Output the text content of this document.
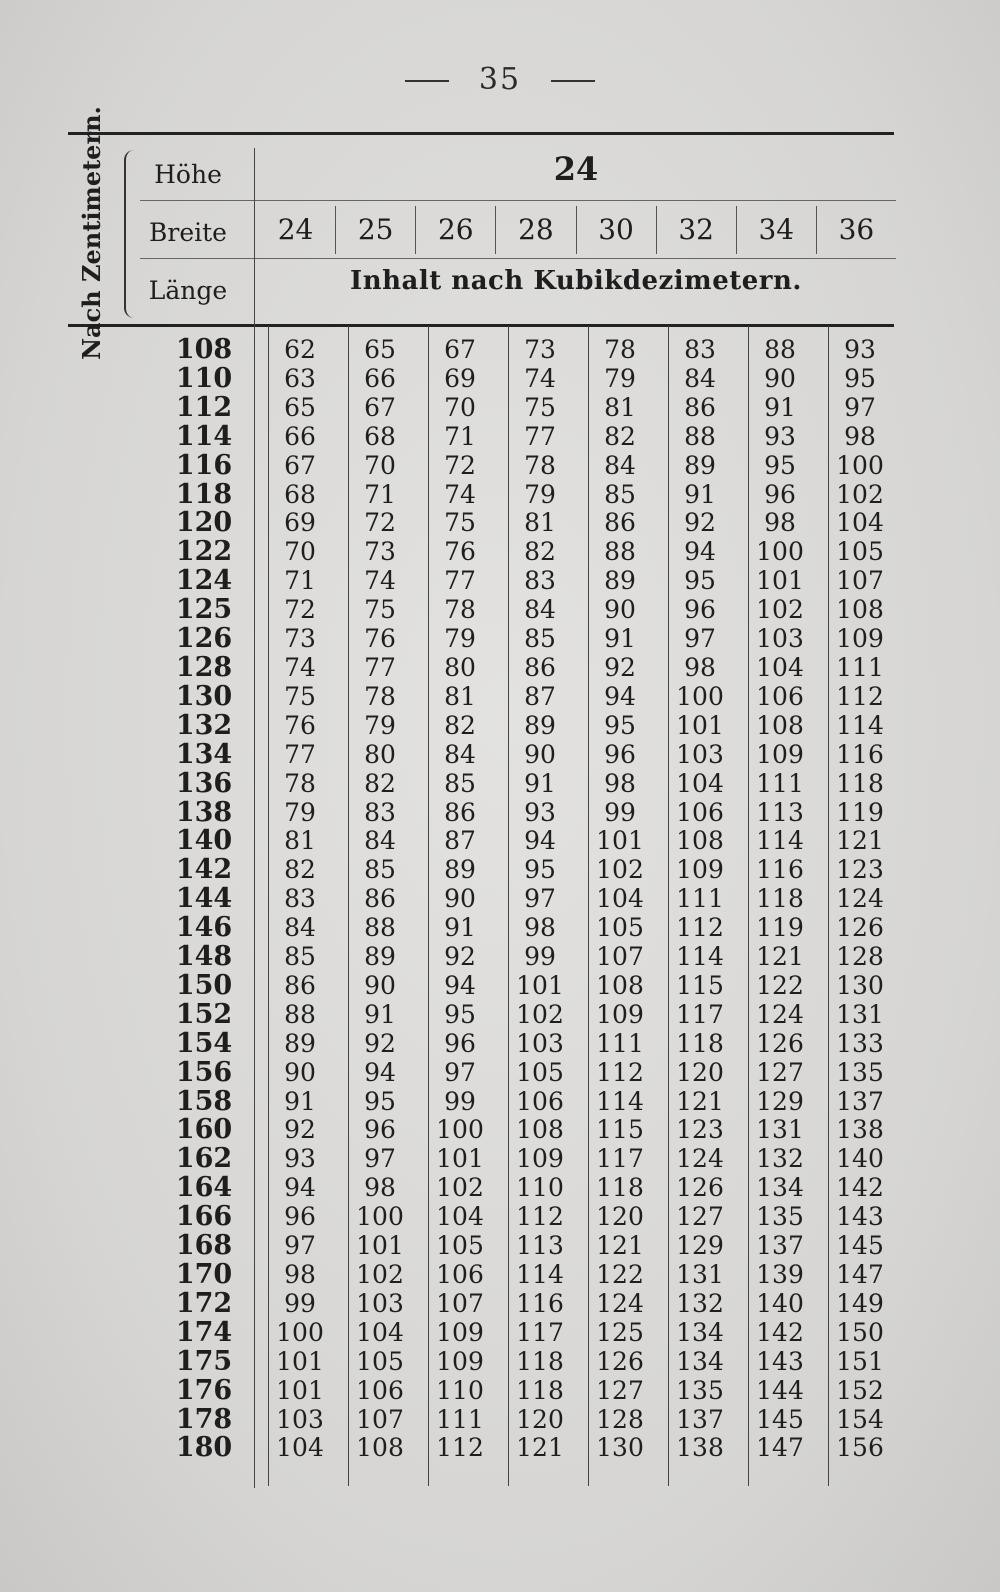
35
Nach Zentimetern.	Höhe
Breite
Länge
24
24	25	26	28	30	32	34	36
Inhalt nach Kubikdezimetern.
108	62	65	67	73	78	83	88	93
110	63	66	69	74	79	84	90	95
112	65	67	70	75	81	86	91	97
114	66	68	71	77	82	88	93	98
116	67	70	72	78	84	89	95	100
118	68	71	74	79	85	91	96	102
120	69	72	75	81	86	92	98	104
122	70	73	76	82	88	94	100	105
124	71	74	77	83	89	95	101	107
125	72	75	78	84	90	96	102	108
126	73	76	79	85	91	97	103	109
128	74	77	80	86	92	98	104	111
130	75	78	81	87	94	100	106	112
132	76	79	82	89	95	101	108	114
134	77	80	84	90	96	103	109	116
136	78	82	85	91	98	104	111	118
138	79	83	86	93	99	106	113	119
140	81	84	87	94	101	108	114	121
142	82	85	89	95	102	109	116	123
144	83	86	90	97	104	111	118	124
146	84	88	91	98	105	112	119	126
148	85	89	92	99	107	114	121	128
150	86	90	94	101	108	115	122	130
152	88	91	95	102	109	117	124	131
154	89	92	96	103	111	118	126	133
156	90	94	97	105	112	120	127	135
158	91	95	99	106	114	121	129	137
160	92	96	100	108	115	123	131	138
162	93	97	101	109	117	124	132	140
164	94	98	102	110	118	126	134	142
166	96	100	104	112	120	127	135	143
168	97	101	105	113	121	129	137	145
170	98	102	106	114	122	131	139	147
172	99	103	107	116	124	132	140	149
174	100	104	109	117	125	134	142	150
175	101	105	109	118	126	134	143	151
176	101	106	110	118	127	135	144	152
178	103	107	111	120	128	137	145	154
180	104	108	112	121	130	138	147	156
